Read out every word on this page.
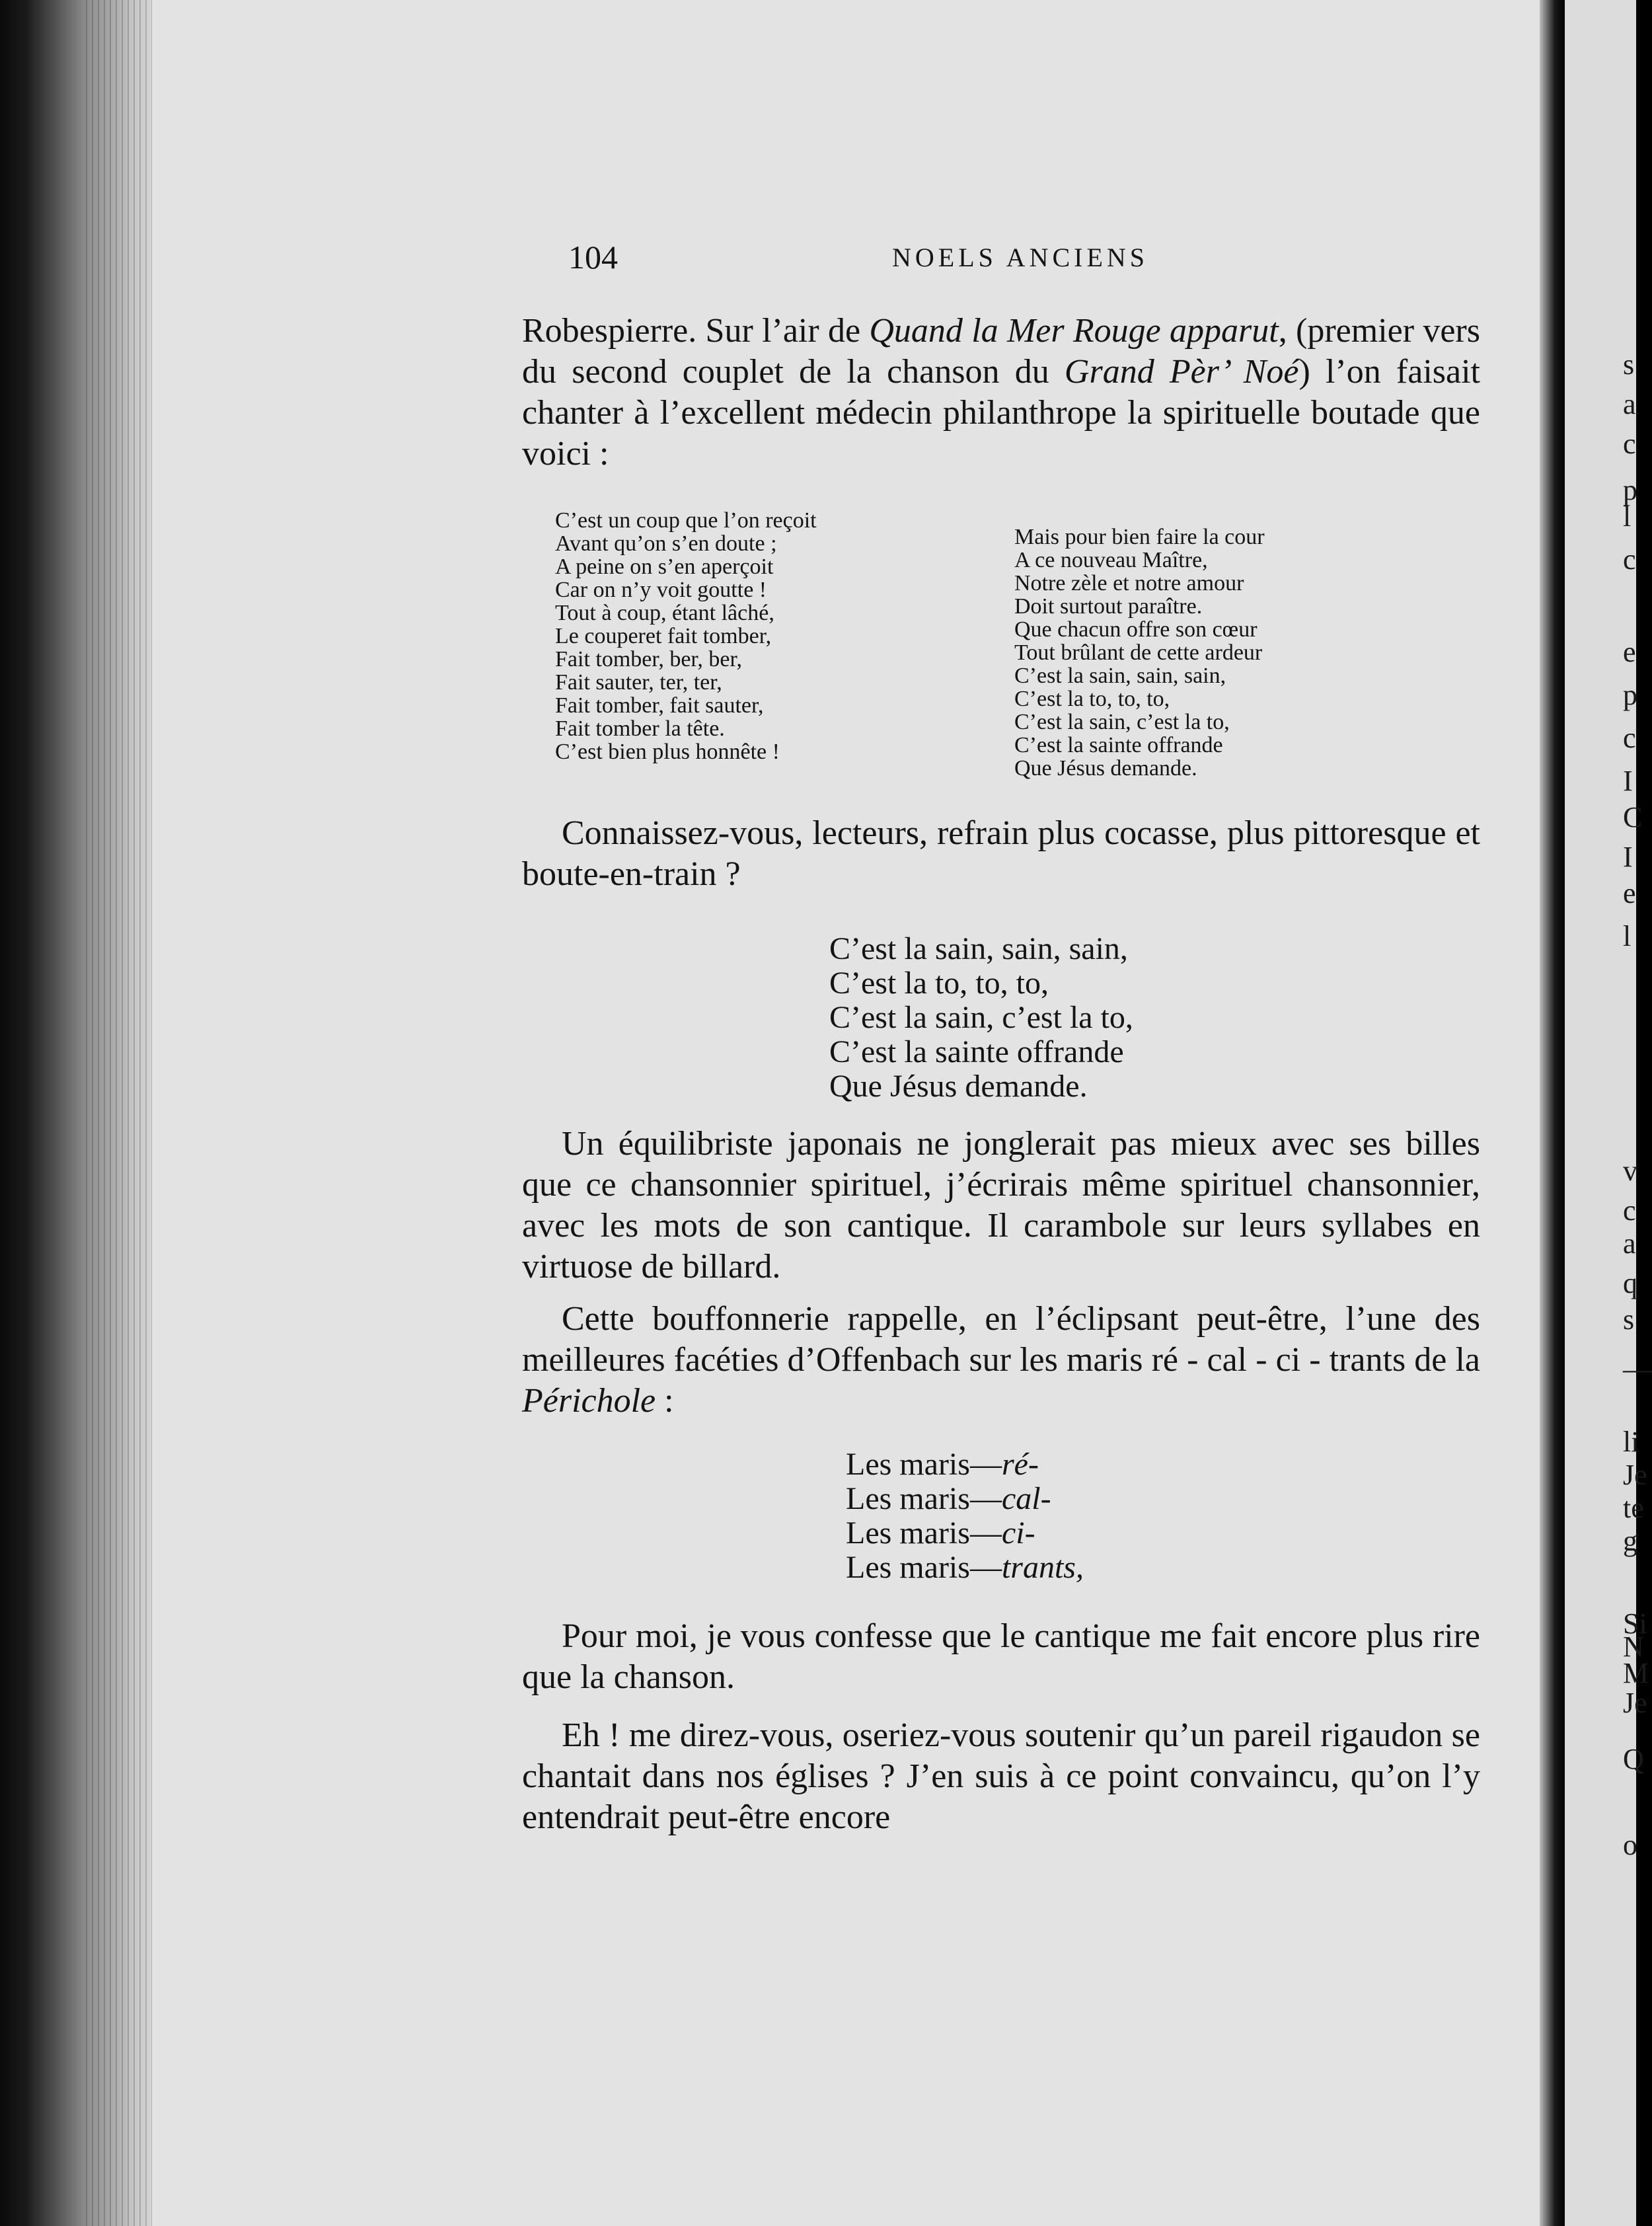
s
a
c
p
l
c
e
p
c
I
C
I
e
l
v
c
a
q
s
—
li
Je
te
g
Si
N
M
Je
Q
o
104	NOELS ANCIENS

Robespierre. Sur l’air de Quand la Mer Rouge apparut, (premier vers du second couplet de la chanson du Grand Pèr’ Noé) l’on faisait chanter à l’excellent médecin philanthrope la spirituelle boutade que voici :

C’est un coup que l’on reçoit
Avant qu’on s’en doute ;
A peine on s’en aperçoit
Car on n’y voit goutte !
Tout à coup, étant lâché,
Le couperet fait tomber,
Fait tomber, ber, ber,
Fait sauter, ter, ter,
Fait tomber, fait sauter,
Fait tomber la tête.
C’est bien plus honnête !
Mais pour bien faire la cour
A ce nouveau Maître,
Notre zèle et notre amour
Doit surtout paraître.
Que chacun offre son cœur
Tout brûlant de cette ardeur
C’est la sain, sain, sain,
C’est la to, to, to,
C’est la sain, c’est la to,
C’est la sainte offrande
Que Jésus demande.

Connaissez-vous, lecteurs, refrain plus cocasse, plus pittoresque et boute-en-train ?

C’est la sain, sain, sain,
C’est la to, to, to,
C’est la sain, c’est la to,
C’est la sainte offrande
Que Jésus demande.

Un équilibriste japonais ne jonglerait pas mieux avec ses billes que ce chansonnier spirituel, j’écrirais même spirituel chansonnier, avec les mots de son cantique. Il carambole sur leurs syllabes en virtuose de billard.

Cette bouffonnerie rappelle, en l’éclipsant peut-être, l’une des meilleures facéties d’Offenbach sur les maris ré - cal - ci - trants de la Périchole :

Les maris—ré-
Les maris—cal-
Les maris—ci-
Les maris—trants,

Pour moi, je vous confesse que le cantique me fait encore plus rire que la chanson.

Eh ! me direz-vous, oseriez-vous soutenir qu’un pareil rigaudon se chantait dans nos églises ? J’en suis à ce point convaincu, qu’on l’y entendrait peut-être encore
